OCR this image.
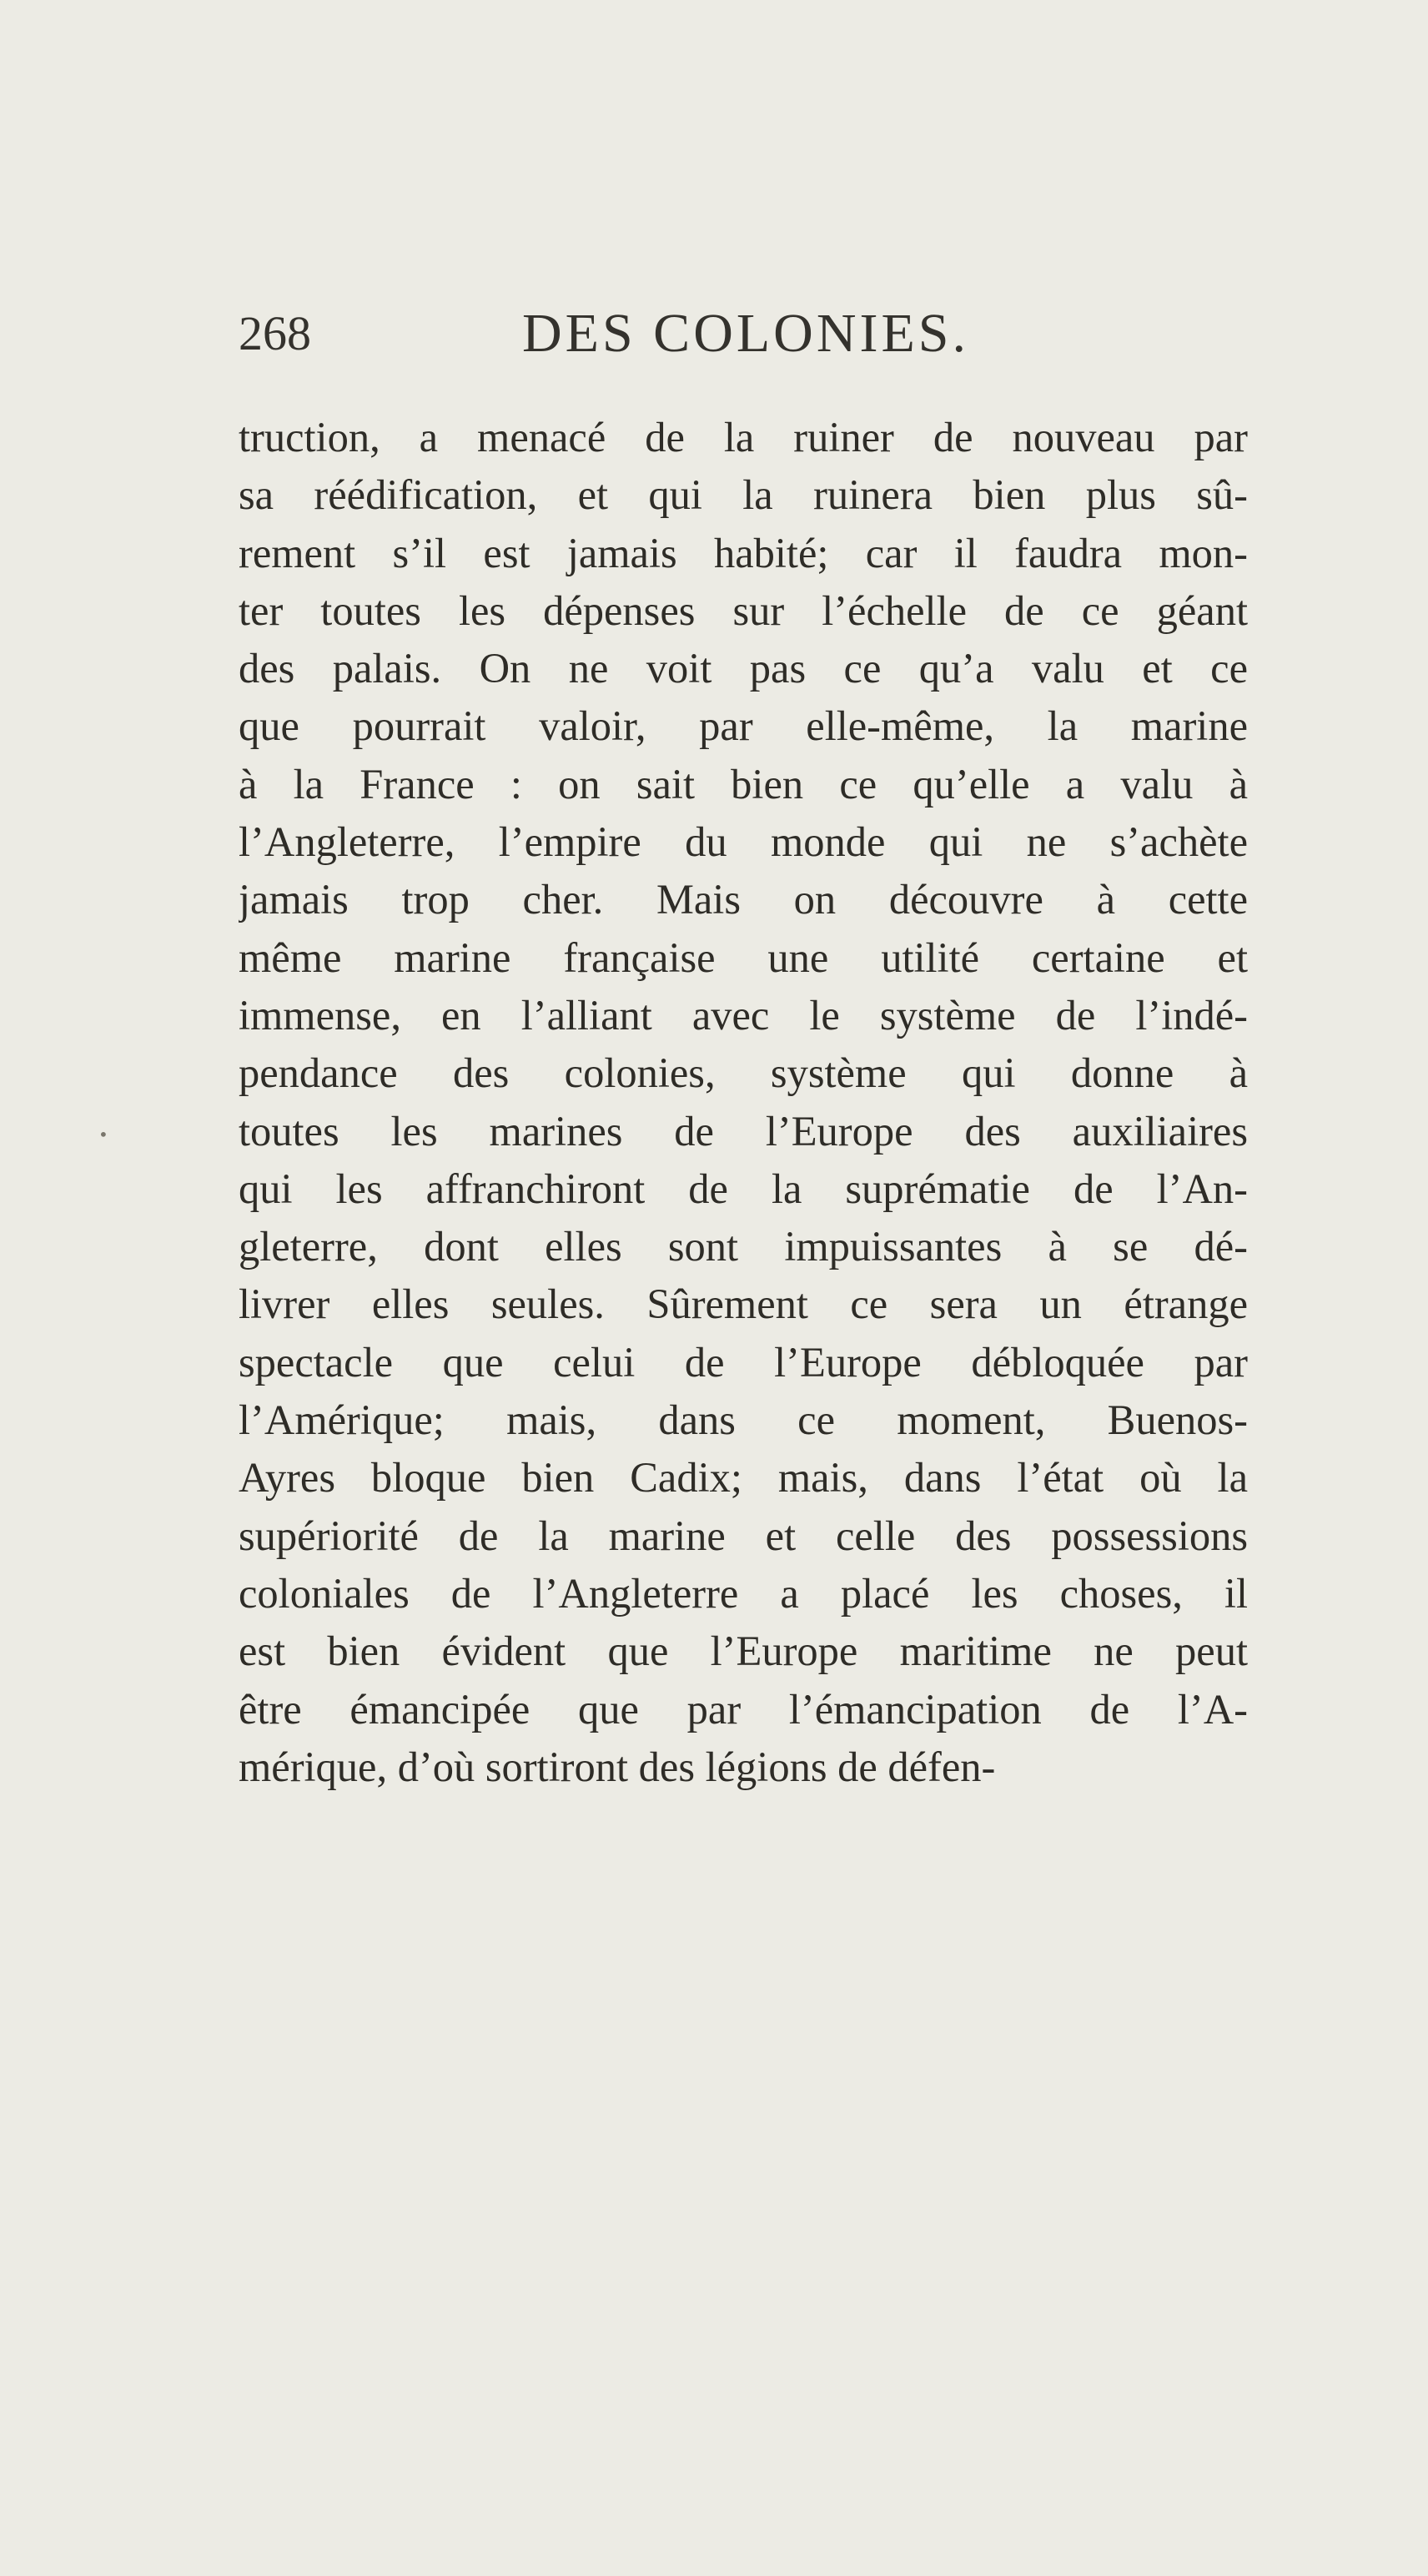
268	DES COLONIES.
truction, a menacé de la ruiner de nouveau par
sa réédification, et qui la ruinera bien plus sû-
rement s’il est jamais habité; car il faudra mon-
ter toutes les dépenses sur l’échelle de ce géant
des palais. On ne voit pas ce qu’a valu et ce
que pourrait valoir, par elle-même, la marine
à la France : on sait bien ce qu’elle a valu à
l’Angleterre, l’empire du monde qui ne s’achète
jamais trop cher. Mais on découvre à cette
même marine française une utilité certaine et
immense, en l’alliant avec le système de l’indé-
pendance des colonies, système qui donne à
toutes les marines de l’Europe des auxiliaires
qui les affranchiront de la suprématie de l’An-
gleterre, dont elles sont impuissantes à se dé-
livrer elles seules. Sûrement ce sera un étrange
spectacle que celui de l’Europe débloquée par
l’Amérique; mais, dans ce moment, Buenos-
Ayres bloque bien Cadix; mais, dans l’état où la
supériorité de la marine et celle des possessions
coloniales de l’Angleterre a placé les choses, il
est bien évident que l’Europe maritime ne peut
être émancipée que par l’émancipation de l’A-
mérique, d’où sortiront des légions de défen-
•
